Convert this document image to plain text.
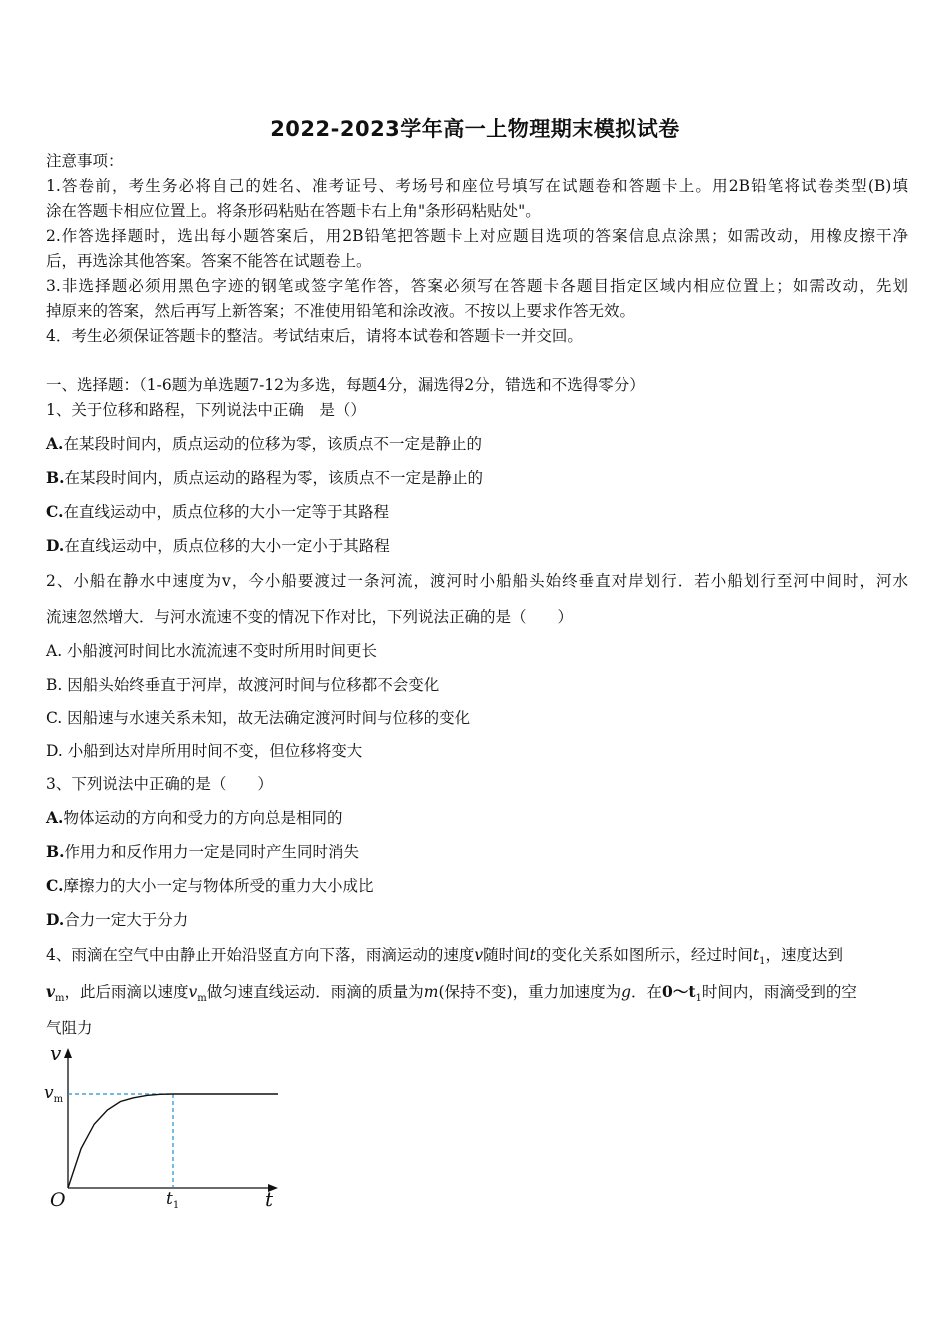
2022-2023学年高一上物理期末模拟试卷
注意事项：
1.答卷前，考生务必将自己的姓名、准考证号、考场号和座位号填写在试题卷和答题卡上。用2B铅笔将试卷类型(B)填
涂在答题卡相应位置上。将条形码粘贴在答题卡右上角"条形码粘贴处"。
2.作答选择题时，选出每小题答案后，用2B铅笔把答题卡上对应题目选项的答案信息点涂黑；如需改动，用橡皮擦干净
后，再选涂其他答案。答案不能答在试题卷上。
3.非选择题必须用黑色字迹的钢笔或签字笔作答，答案必须写在答题卡各题目指定区域内相应位置上；如需改动，先划
掉原来的答案，然后再写上新答案；不准使用铅笔和涂改液。不按以上要求作答无效。
4．考生必须保证答题卡的整洁。考试结束后，请将本试卷和答题卡一并交回。
一、选择题：（1-6题为单选题7-12为多选，每题4分，漏选得2分，错选和不选得零分）
1、关于位移和路程，下列说法中正确　是（）
A.在某段时间内，质点运动的位移为零，该质点不一定是静止的
B.在某段时间内，质点运动的路程为零，该质点不一定是静止的
C.在直线运动中，质点位移的大小一定等于其路程
D.在直线运动中，质点位移的大小一定小于其路程
2、小船在静水中速度为v，今小船要渡过一条河流，渡河时小船船头始终垂直对岸划行．若小船划行至河中间时，河水
流速忽然增大．与河水流速不变的情况下作对比，下列说法正确的是（　　）
A. 小船渡河时间比水流流速不变时所用时间更长
B. 因船头始终垂直于河岸，故渡河时间与位移都不会变化
C. 因船速与水速关系未知，故无法确定渡河时间与位移的变化
D. 小船到达对岸所用时间不变，但位移将变大
3、下列说法中正确的是（　　）
A.物体运动的方向和受力的方向总是相同的
B.作用力和反作用力一定是同时产生同时消失
C.摩擦力的大小一定与物体所受的重力大小成比
D.合力一定大于分力
4、雨滴在空气中由静止开始沿竖直方向下落，雨滴运动的速度v随时间t的变化关系如图所示，经过时间$t_1$，速度达到
$v_m$，此后雨滴以速度$v_m$做匀速直线运动．雨滴的质量为m(保持不变)，重力加速度为g．在$0\sim t_1$时间内，雨滴受到的空
气阻力
v
t
O	$t_1$
$v_m$
